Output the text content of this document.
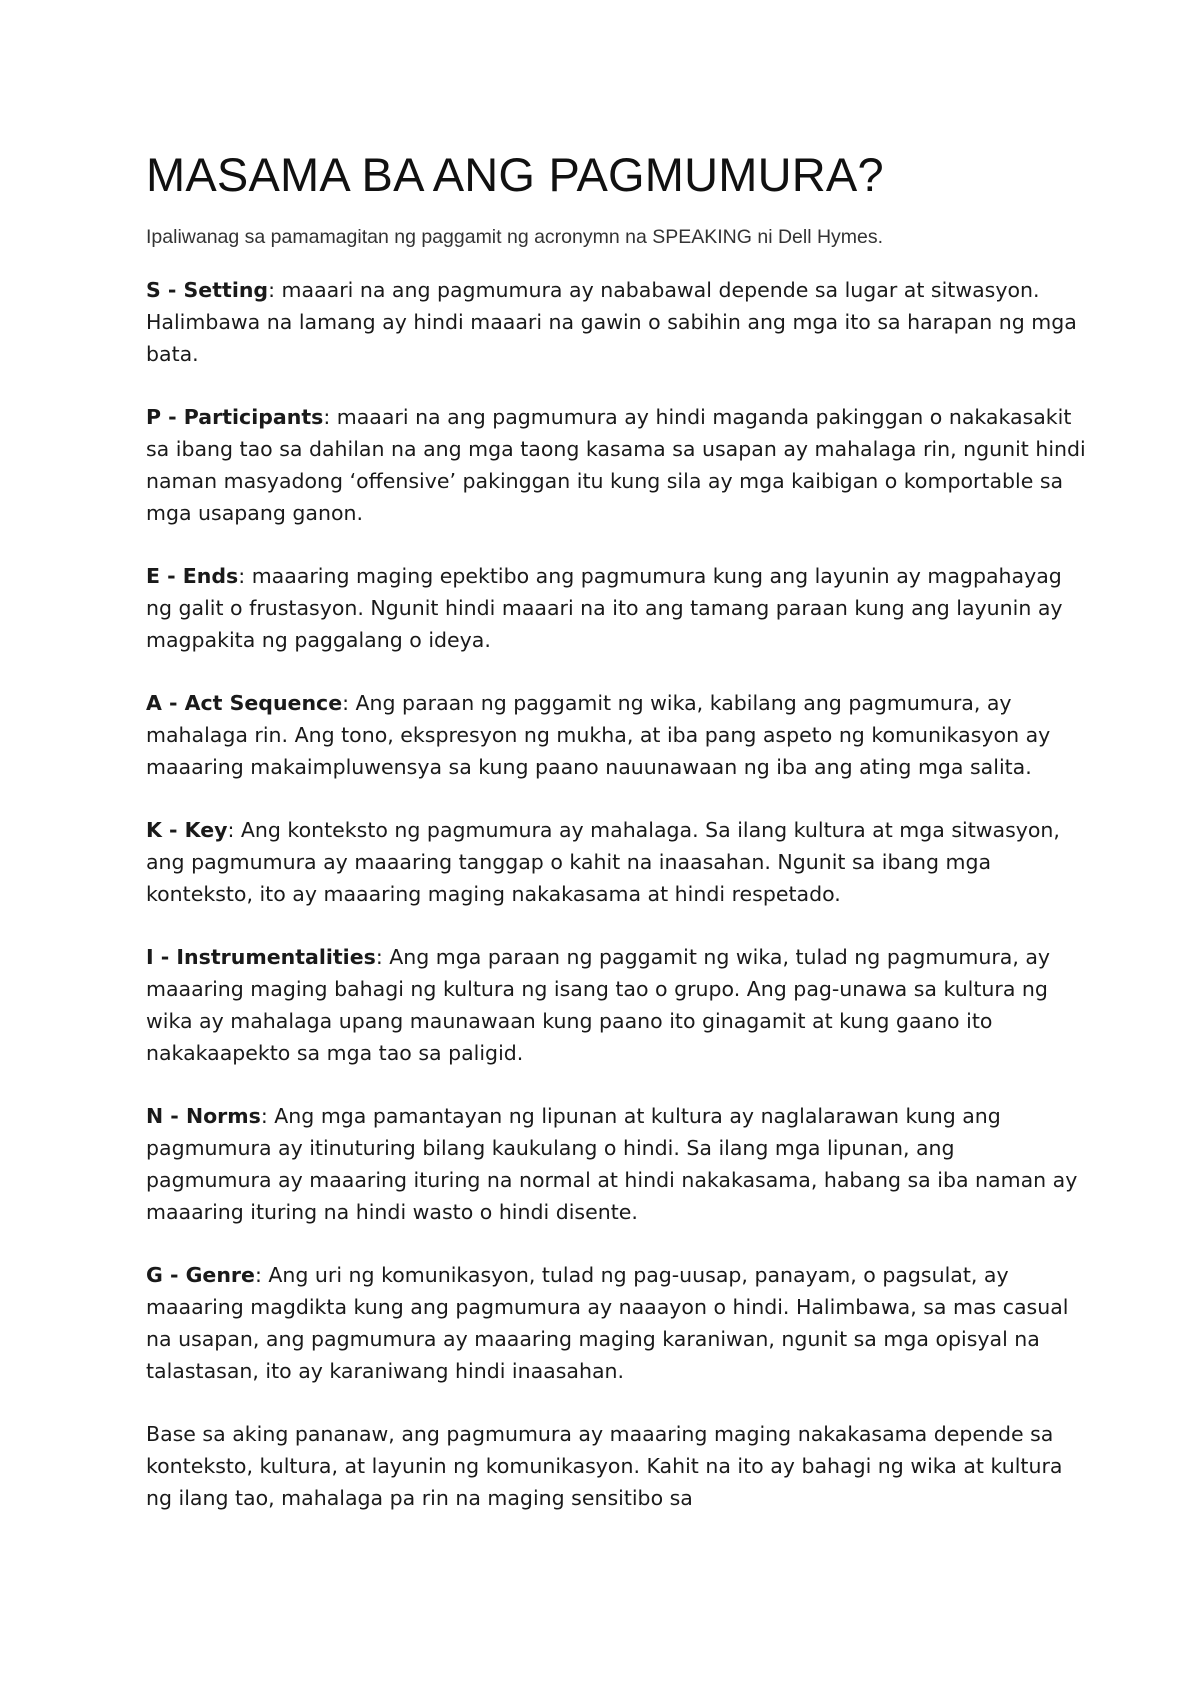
MASAMA BA ANG PAGMUMURA?

Ipaliwanag sa pamamagitan ng paggamit ng acronymn na SPEAKING ni Dell Hymes.

S - Setting: maaari na ang pagmumura ay nababawal depende sa lugar at sitwasyon. Halimbawa na lamang ay hindi maaari na gawin o sabihin ang mga ito sa harapan ng mga bata.

P - Participants: maaari na ang pagmumura ay hindi maganda pakinggan o nakakasakit sa ibang tao sa dahilan na ang mga taong kasama sa usapan ay mahalaga rin, ngunit hindi naman masyadong ‘offensive’ pakinggan itu kung sila ay mga kaibigan o komportable sa mga usapang ganon.

E - Ends: maaaring maging epektibo ang pagmumura kung ang layunin ay magpahayag ng galit o frustasyon. Ngunit hindi maaari na ito ang tamang paraan kung ang layunin ay magpakita ng paggalang o ideya.

A - Act Sequence: Ang paraan ng paggamit ng wika, kabilang ang pagmumura, ay mahalaga rin. Ang tono, ekspresyon ng mukha, at iba pang aspeto ng komunikasyon ay maaaring makaimpluwensya sa kung paano nauunawaan ng iba ang ating mga salita.

K - Key: Ang konteksto ng pagmumura ay mahalaga. Sa ilang kultura at mga sitwasyon, ang pagmumura ay maaaring tanggap o kahit na inaasahan. Ngunit sa ibang mga konteksto, ito ay maaaring maging nakakasama at hindi respetado.

I - Instrumentalities: Ang mga paraan ng paggamit ng wika, tulad ng pagmumura, ay maaaring maging bahagi ng kultura ng isang tao o grupo. Ang pag-unawa sa kultura ng wika ay mahalaga upang maunawaan kung paano ito ginagamit at kung gaano ito nakakaapekto sa mga tao sa paligid.

N - Norms: Ang mga pamantayan ng lipunan at kultura ay naglalarawan kung ang pagmumura ay itinuturing bilang kaukulang o hindi. Sa ilang mga lipunan, ang pagmumura ay maaaring ituring na normal at hindi nakakasama, habang sa iba naman ay maaaring ituring na hindi wasto o hindi disente.

G - Genre: Ang uri ng komunikasyon, tulad ng pag-uusap, panayam, o pagsulat, ay maaaring magdikta kung ang pagmumura ay naaayon o hindi. Halimbawa, sa mas casual na usapan, ang pagmumura ay maaaring maging karaniwan, ngunit sa mga opisyal na talastasan, ito ay karaniwang hindi inaasahan.

Base sa aking pananaw, ang pagmumura ay maaaring maging nakakasama depende sa konteksto, kultura, at layunin ng komunikasyon. Kahit na ito ay bahagi ng wika at kultura ng ilang tao, mahalaga pa rin na maging sensitibo sa
